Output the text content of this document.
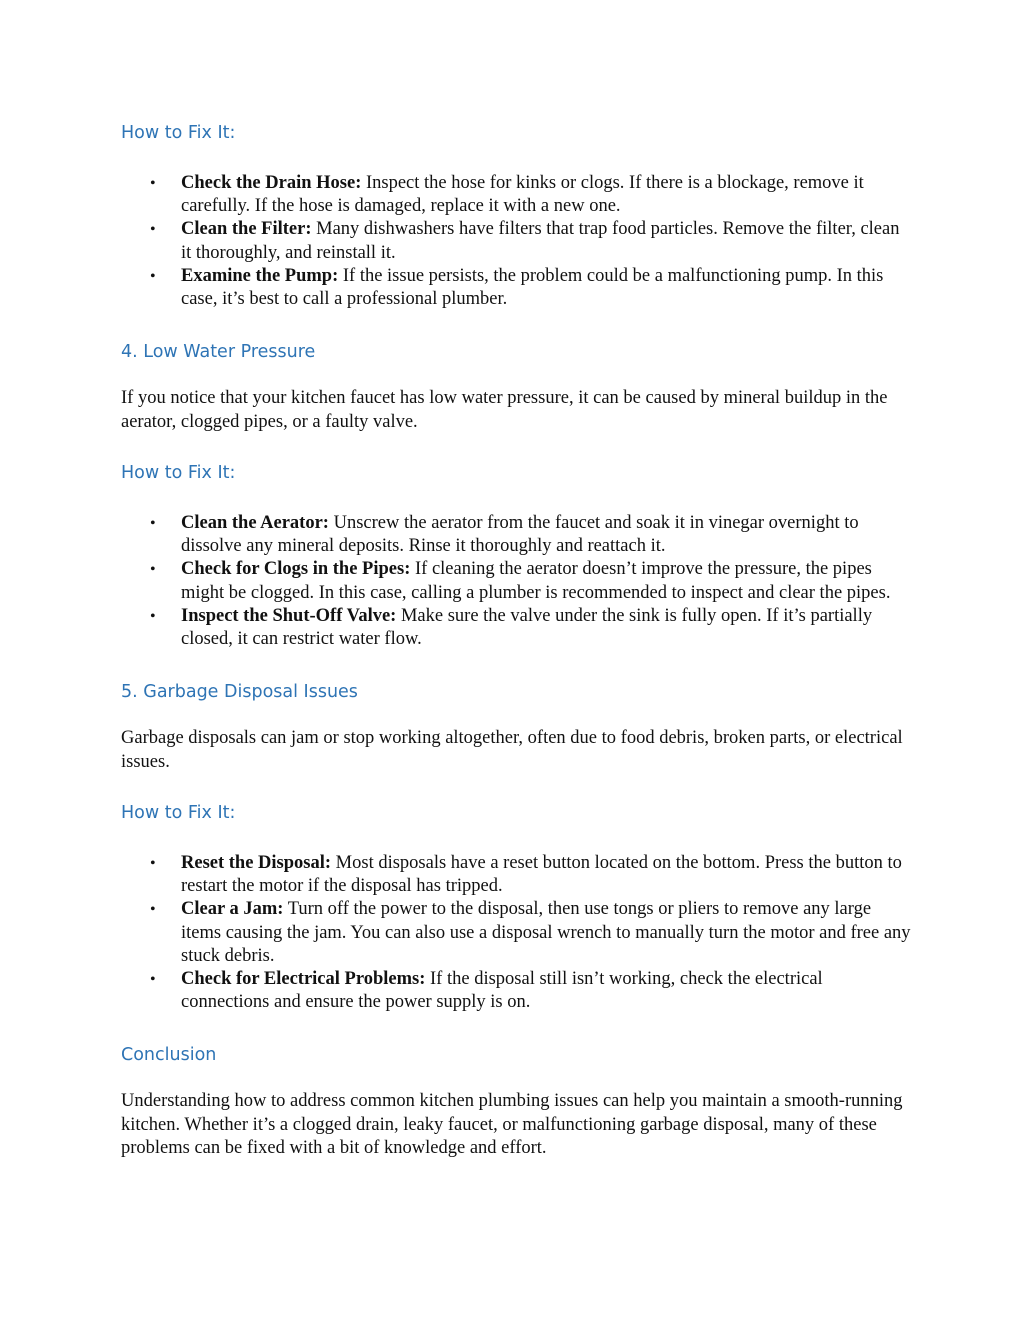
How to Fix It:
• Check the Drain Hose: Inspect the hose for kinks or clogs. If there is a blockage, remove it carefully. If the hose is damaged, replace it with a new one.
• Clean the Filter: Many dishwashers have filters that trap food particles. Remove the filter, clean it thoroughly, and reinstall it.
• Examine the Pump: If the issue persists, the problem could be a malfunctioning pump. In this case, it’s best to call a professional plumber.
4. Low Water Pressure

If you notice that your kitchen faucet has low water pressure, it can be caused by mineral buildup in the aerator, clogged pipes, or a faulty valve.

How to Fix It:
• Clean the Aerator: Unscrew the aerator from the faucet and soak it in vinegar overnight to dissolve any mineral deposits. Rinse it thoroughly and reattach it.
• Check for Clogs in the Pipes: If cleaning the aerator doesn’t improve the pressure, the pipes might be clogged. In this case, calling a plumber is recommended to inspect and clear the pipes.
• Inspect the Shut-Off Valve: Make sure the valve under the sink is fully open. If it’s partially closed, it can restrict water flow.
5. Garbage Disposal Issues

Garbage disposals can jam or stop working altogether, often due to food debris, broken parts, or electrical issues.

How to Fix It:
• Reset the Disposal: Most disposals have a reset button located on the bottom. Press the button to restart the motor if the disposal has tripped.
• Clear a Jam: Turn off the power to the disposal, then use tongs or pliers to remove any large items causing the jam. You can also use a disposal wrench to manually turn the motor and free any stuck debris.
• Check for Electrical Problems: If the disposal still isn’t working, check the electrical connections and ensure the power supply is on.
Conclusion

Understanding how to address common kitchen plumbing issues can help you maintain a smooth-running kitchen. Whether it’s a clogged drain, leaky faucet, or malfunctioning garbage disposal, many of these problems can be fixed with a bit of knowledge and effort.
